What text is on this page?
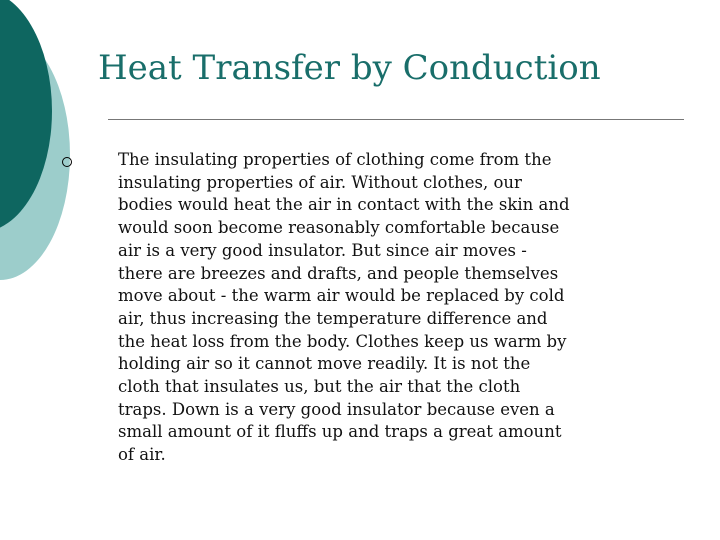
Heat Transfer by Conduction

The insulating properties of clothing come from the
insulating properties of air. Without clothes, our
bodies would heat the air in contact with the skin and
would soon become reasonably comfortable because
air is a very good insulator. But since air moves -
there are breezes and drafts, and people themselves
move about - the warm air would be replaced by cold
air, thus increasing the temperature difference and
the heat loss from the body. Clothes keep us warm by
holding air so it cannot move readily. It is not the
cloth that insulates us, but the air that the cloth
traps. Down is a very good insulator because even a
small amount of it fluffs up and traps a great amount
of air.
